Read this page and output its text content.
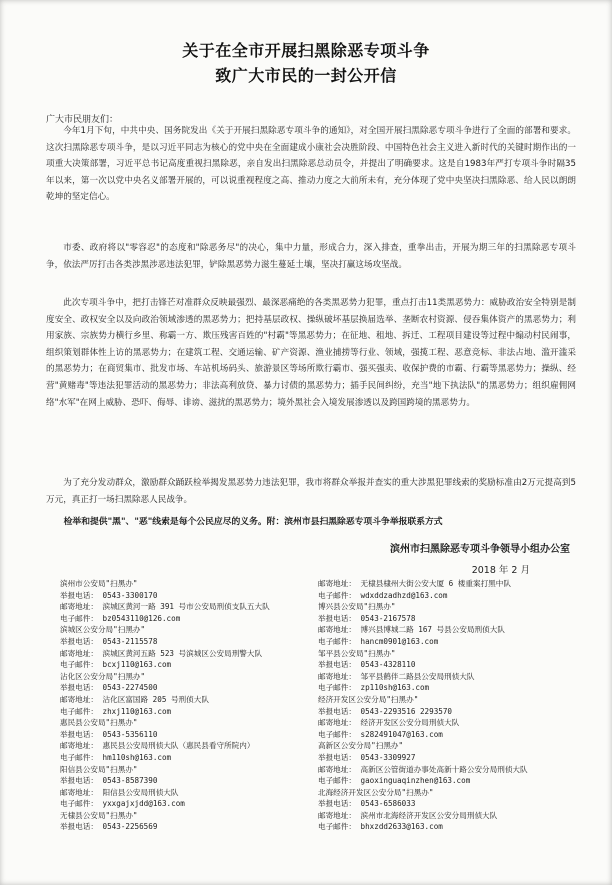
关于在全市开展扫黑除恶专项斗争
致广大市民的一封公开信
广大市民朋友们：

今年1月下旬，中共中央、国务院发出《关于开展扫黑除恶专项斗争的通知》，对全国开展扫黑除恶专项斗争进行了全面的部署和要求。这次扫黑除恶专项斗争，是以习近平同志为核心的党中央在全面建成小康社会决胜阶段、中国特色社会主义进入新时代的关键时期作出的一项重大决策部署，习近平总书记高度重视扫黑除恶，亲自发出扫黑除恶总动员令，并提出了明确要求。这是自1983年严打专项斗争时隔35年以来，第一次以党中央名义部署开展的，可以说重视程度之高、推动力度之大前所未有，充分体现了党中央坚决扫黑除恶、给人民以朗朗乾坤的坚定信心。

市委、政府将以"零容忍"的态度和"除恶务尽"的决心，集中力量，形成合力，深入排查，重拳出击，开展为期三年的扫黑除恶专项斗争，依法严厉打击各类涉黑涉恶违法犯罪，铲除黑恶势力滋生蔓延土壤，坚决打赢这场攻坚战。

此次专项斗争中，把打击锋芒对准群众反映最强烈、最深恶痛绝的各类黑恶势力犯罪，重点打击11类黑恶势力：威胁政治安全特别是制度安全、政权安全以及向政治领域渗透的黑恶势力；把持基层政权、操纵破坏基层换届选举、垄断农村资源、侵吞集体资产的黑恶势力；利用家族、宗族势力横行乡里、称霸一方、欺压残害百姓的"村霸"等黑恶势力；在征地、租地、拆迁、工程项目建设等过程中煽动村民闹事，组织策划群体性上访的黑恶势力；在建筑工程、交通运输、矿产资源、渔业捕捞等行业、领域，强揽工程、恶意竞标、非法占地、滥开滥采的黑恶势力；在商贸集市、批发市场、车站机场码头、旅游景区等场所欺行霸市、强买强卖、收保护费的市霸、行霸等黑恶势力；操纵、经营"黄赌毒"等违法犯罪活动的黑恶势力；非法高利放贷、暴力讨债的黑恶势力；插手民间纠纷，充当"地下执法队"的黑恶势力；组织雇佣网络"水军"在网上威胁、恐吓、侮辱、诽谤、滋扰的黑恶势力；境外黑社会入境发展渗透以及跨国跨境的黑恶势力。

为了充分发动群众，激励群众踊跃检举揭发黑恶势力违法犯罪，我市将群众举报并查实的重大涉黑犯罪线索的奖励标准由2万元提高到5万元，真正打一场扫黑除恶人民战争。

检举和提供"黑"、"恶"线索是每个公民应尽的义务。附：滨州市县扫黑除恶专项斗争举报联系方式
滨州市扫黑除恶专项斗争领导小组办公室
2018 年 2 月
滨州市公安局"扫黑办"
举报电话： 0543-3300170
邮寄地址： 滨城区黄河一路 391 号市公安局刑侦支队五大队
电子邮件： bz0543110@126.com
滨城区公安分局"扫黑办"
举报电话： 0543-2115578
邮寄地址： 滨城区黄河五路 523 号滨城区公安局刑警大队
电子邮件： bcxj110@163.com
沾化区公安分局"扫黑办"
举报电话： 0543-2274500
邮寄地址： 沾化区富国路 205 号刑侦大队
电子邮件： zhxj110@163.com
惠民县公安局"扫黑办"
举报电话： 0543-5356110
邮寄地址： 惠民县公安局刑侦大队（惠民县看守所院内）
电子邮件： hm110sh@163.com
阳信县公安局"扫黑办"
举报电话： 0543-8587390
邮寄地址： 阳信县公安局刑侦大队
电子邮件： yxxgajxjdd@163.com
无棣县公安局"扫黑办"
举报电话： 0543-2256569
邮寄地址： 无棣县棣州大街公安大厦 6 楼重案打黑中队
电子邮件： wdxddzadhzd@163.com
博兴县公安局"扫黑办"
举报电话： 0543-2167578
邮寄地址： 博兴县博城二路 167 号县公安局刑侦大队
电子邮件： hancm0901@163.com
邹平县公安局"扫黑办"
举报电话： 0543-4328110
邮寄地址： 邹平县鹤伴二路县公安局刑侦大队
电子邮件： zp110sh@163.com
经济开发区公安分局"扫黑办"
举报电话： 0543-2293516 2293570
邮寄地址： 经济开发区公安分局刑侦大队
电子邮件： s282491047@163.com
高新区公安分局"扫黑办"
举报电话： 0543-3309927
邮寄地址： 高新区公管街道办事处高新十路公安分局刑侦大队
电子邮件： gaoxinguaqinzhen@163.com
北海经济开发区公安分局"扫黑办"
举报电话： 0543-6586033
邮寄地址： 滨州市北海经济开发区公安分局刑侦大队
电子邮件： bhxzdd2633@163.com
